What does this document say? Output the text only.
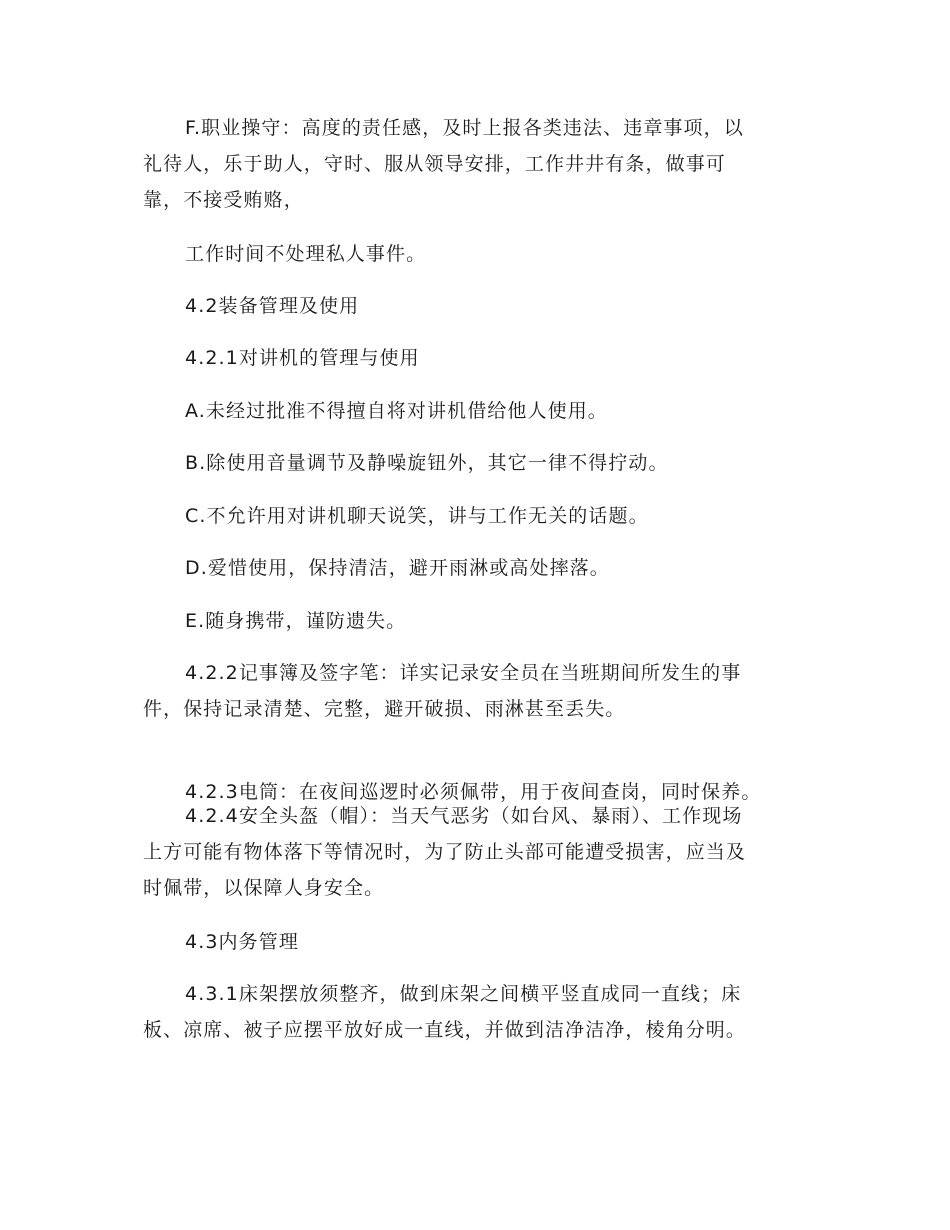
F.职业操守：高度的责任感，及时上报各类违法、违章事项，以
礼待人，乐于助人，守时、服从领导安排，工作井井有条，做事可
靠，不接受贿赂，

工作时间不处理私人事件。

4.2装备管理及使用

4.2.1对讲机的管理与使用

A.未经过批准不得擅自将对讲机借给他人使用。

B.除使用音量调节及静噪旋钮外，其它一律不得拧动。

C.不允许用对讲机聊天说笑，讲与工作无关的话题。

D.爱惜使用，保持清洁，避开雨淋或高处摔落。

E.随身携带，谨防遗失。

4.2.2记事簿及签字笔：详实记录安全员在当班期间所发生的事
件，保持记录清楚、完整，避开破损、雨淋甚至丢失。

4.2.3电筒：在夜间巡逻时必须佩带，用于夜间查岗，同时保养。

4.2.4安全头盔（帽）：当天气恶劣（如台风、暴雨）、工作现场
上方可能有物体落下等情况时，为了防止头部可能遭受损害，应当及
时佩带，以保障人身安全。

4.3内务管理

4.3.1床架摆放须整齐，做到床架之间横平竖直成同一直线；床
板、凉席、被子应摆平放好成一直线，并做到洁净洁净，棱角分明。
